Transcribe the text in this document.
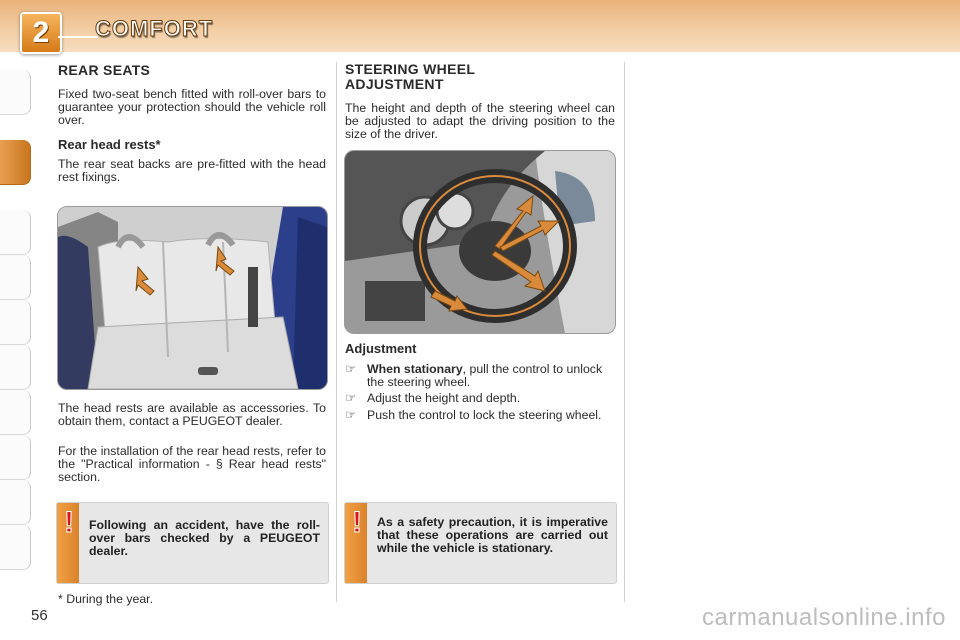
2	COMFORT
REAR SEATS
Fixed two-seat bench fitted with roll-over bars to guarantee your protection should the vehicle roll over.
Rear head rests*
The rear seat backs are pre-fitted with the head rest fixings.
The head rests are available as accessories. To obtain them, contact a PEUGEOT dealer.
For the installation of the rear head rests, refer to the "Practical information - § Rear head rests" section.
!	Following an accident, have the roll-over bars checked by a PEUGEOT dealer.
* During the year.
56
STEERING WHEEL ADJUSTMENT
The height and depth of the steering wheel can be adjusted to adapt the driving position to the size of the driver.
Adjustment
☞ When stationary, pull the control to unlock the steering wheel.
☞ Adjust the height and depth.
☞ Push the control to lock the steering wheel.
!	As a safety precaution, it is imperative that these operations are carried out while the vehicle is stationary.
carmanualsonline.info
